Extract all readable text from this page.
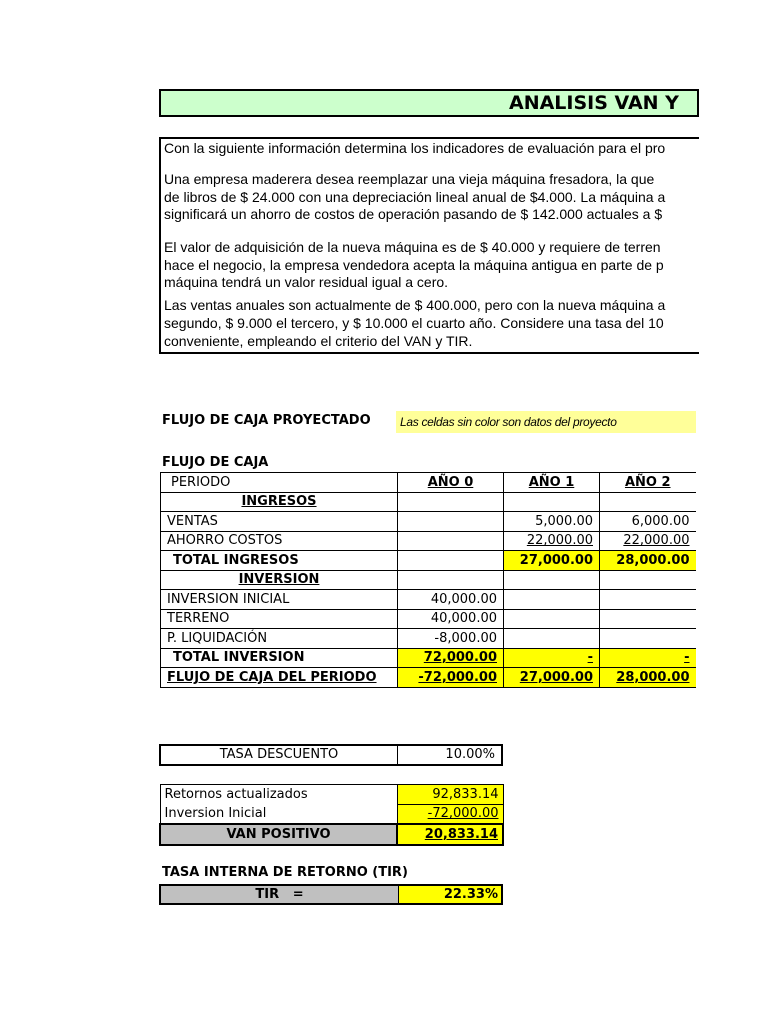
ANALISIS VAN Y

Con la siguiente información determina los indicadores de evaluación para el pro

Una empresa maderera desea reemplazar una vieja máquina fresadora, la que

de libros de $ 24.000 con una depreciación lineal anual de $4.000. La máquina a

significará un ahorro de costos de operación pasando de $ 142.000 actuales a $

El valor de adquisición de la nueva máquina es de $ 40.000 y requiere de terren

hace el negocio, la empresa vendedora acepta la máquina antigua en parte de p

máquina tendrá un valor residual igual a cero.

Las ventas anuales son actualmente de $ 400.000, pero con la nueva máquina a

segundo, $ 9.000 el tercero, y $ 10.000 el cuarto año. Considere una tasa del 10

conveniente, empleando el criterio del VAN y TIR.

FLUJO DE CAJA PROYECTADO	Las celdas sin color son datos del proyecto
FLUJO DE CAJA
PERIODO	AÑO 0	AÑO 1	AÑO 2
INGRESOS			
VENTAS		5,000.00	6,000.00
AHORRO COSTOS		22,000.00	22,000.00
TOTAL INGRESOS		27,000.00	28,000.00
INVERSION			
INVERSION INICIAL	40,000.00		
TERRENO	40,000.00		
P. LIQUIDACIÓN	-8,000.00		
TOTAL INVERSION	72,000.00	-	-
FLUJO DE CAJA DEL PERIODO	-72,000.00	27,000.00	28,000.00
TASA DESCUENTO	10.00%
Retornos actualizados	92,833.14
Inversion Inicial	-72,000.00
VAN POSITIVO	20,833.14
TASA INTERNA DE RETORNO (TIR)
TIR   =	22.33%
